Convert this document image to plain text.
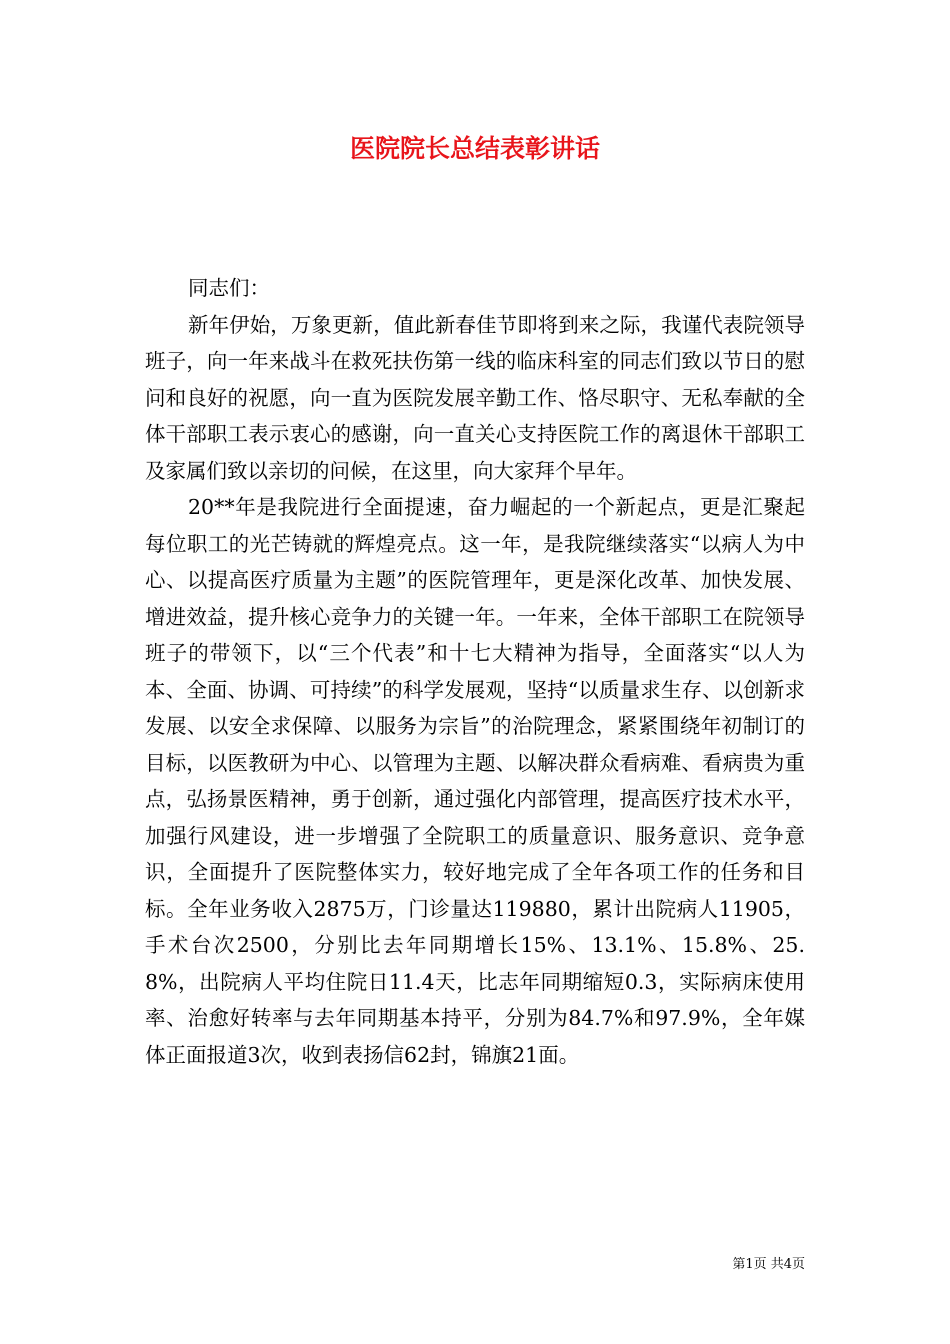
医院院长总结表彰讲话

同志们：

新年伊始，万象更新，值此新春佳节即将到来之际，我谨代表院领导班子，向一年来战斗在救死扶伤第一线的临床科室的同志们致以节日的慰问和良好的祝愿，向一直为医院发展辛勤工作、恪尽职守、无私奉献的全体干部职工表示衷心的感谢，向一直关心支持医院工作的离退休干部职工及家属们致以亲切的问候，在这里，向大家拜个早年。

20**年是我院进行全面提速，奋力崛起的一个新起点，更是汇聚起每位职工的光芒铸就的辉煌亮点。这一年，是我院继续落实“以病人为中心、以提高医疗质量为主题”的医院管理年，更是深化改革、加快发展、增进效益，提升核心竞争力的关键一年。一年来，全体干部职工在院领导班子的带领下，以“三个代表”和十七大精神为指导，全面落实“以人为本、全面、协调、可持续”的科学发展观，坚持“以质量求生存、以创新求发展、以安全求保障、以服务为宗旨”的治院理念，紧紧围绕年初制订的目标，以医教研为中心、以管理为主题、以解决群众看病难、看病贵为重点，弘扬景医精神，勇于创新，通过强化内部管理，提高医疗技术水平，加强行风建设，进一步增强了全院职工的质量意识、服务意识、竞争意识，全面提升了医院整体实力，较好地完成了全年各项工作的任务和目标。全年业务收入2875万，门诊量达119880，累计出院病人11905，手术台次2500，分别比去年同期增长15%、13.1%、15.8%、25.8%，出院病人平均住院日11.4天，比志年同期缩短0.3，实际病床使用率、治愈好转率与去年同期基本持平，分别为84.7%和97.9%，全年媒体正面报道3次，收到表扬信62封，锦旗21面。

第1页 共4页
